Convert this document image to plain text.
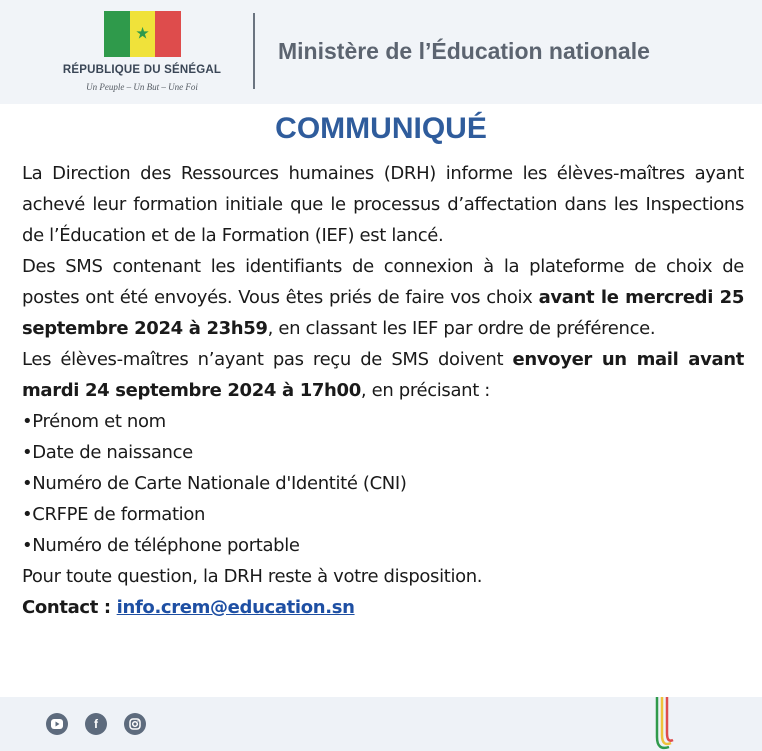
★
RÉPUBLIQUE DU SÉNÉGAL
Un Peuple – Un But – Une Foi
Ministère de l’Éducation nationale
COMMUNIQUÉ

La Direction des Ressources humaines (DRH) informe les élèves-maîtres ayant achevé leur formation initiale que le processus d’affectation dans les Inspections de l’Éducation et de la Formation (IEF) est lancé.

Des SMS contenant les identifiants de connexion à la plateforme de choix de postes ont été envoyés. Vous êtes priés de faire vos choix avant le mercredi 25 septembre 2024 à 23h59, en classant les IEF par ordre de préférence.

Les élèves-maîtres n’ayant pas reçu de SMS doivent envoyer un mail avant mardi 24 septembre 2024 à 17h00, en précisant :

•Prénom et nom

•Date de naissance

•Numéro de Carte Nationale d'Identité (CNI)

•CRFPE de formation

•Numéro de téléphone portable

Pour toute question, la DRH reste à votre disposition.

Contact : info.crem@education.sn

f
